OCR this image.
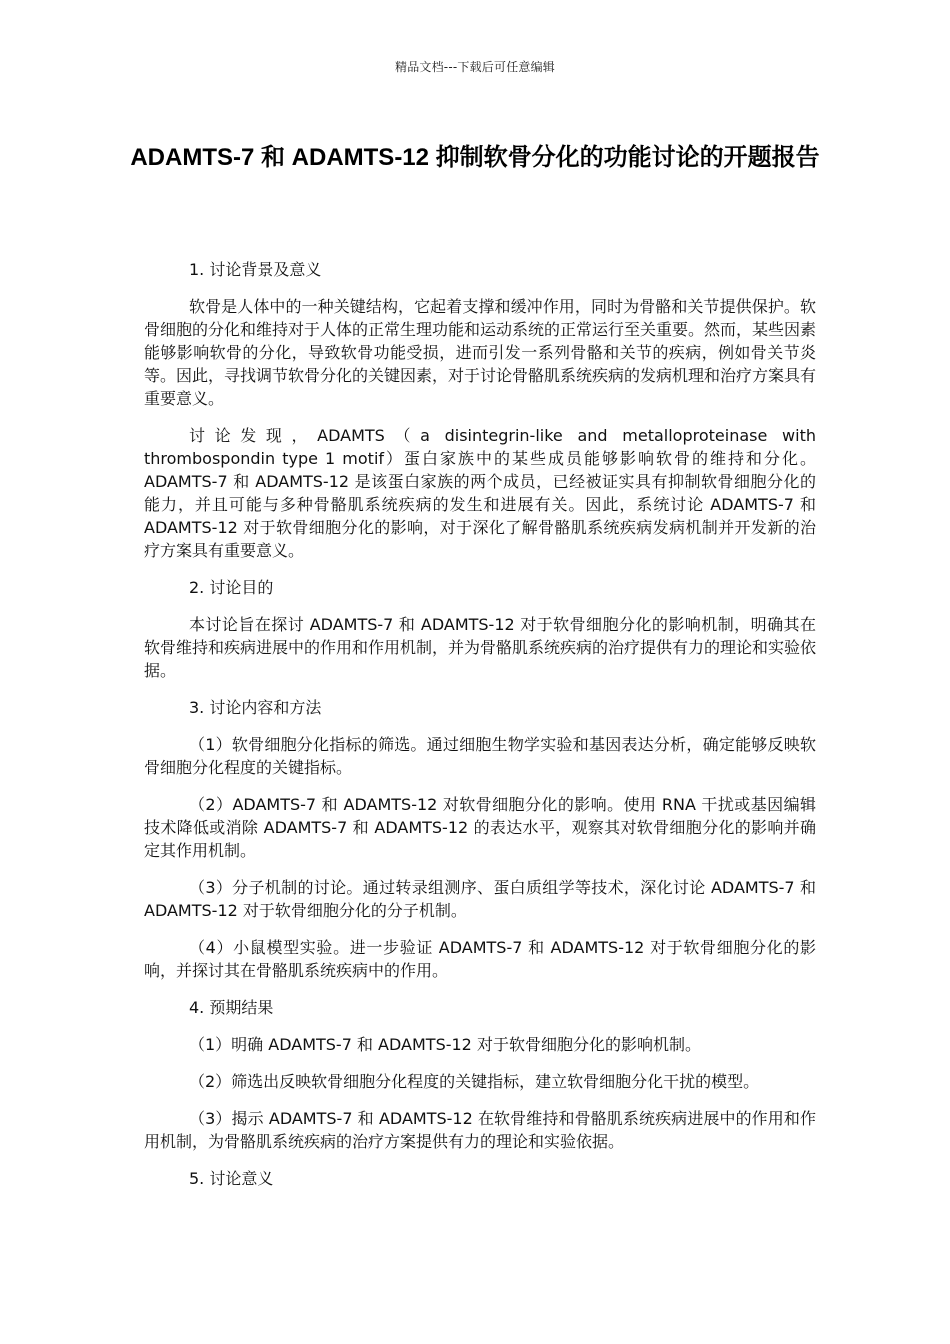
精品文档---下载后可任意编辑
ADAMTS-7 和 ADAMTS-12 抑制软骨分化的功能讨论的开题报告

1. 讨论背景及意义

软骨是人体中的一种关键结构，它起着支撑和缓冲作用，同时为骨骼和关节提供保护。软骨细胞的分化和维持对于人体的正常生理功能和运动系统的正常运行至关重要。然而，某些因素能够影响软骨的分化，导致软骨功能受损，进而引发一系列骨骼和关节的疾病，例如骨关节炎等。因此，寻找调节软骨分化的关键因素，对于讨论骨骼肌系统疾病的发病机理和治疗方案具有重要意义。

讨论发现，ADAMTS（a disintegrin-like and metalloproteinase with thrombospondin type 1 motif）蛋白家族中的某些成员能够影响软骨的维持和分化。ADAMTS-7 和 ADAMTS-12 是该蛋白家族的两个成员，已经被证实具有抑制软骨细胞分化的能力，并且可能与多种骨骼肌系统疾病的发生和进展有关。因此，系统讨论 ADAMTS-7 和 ADAMTS-12 对于软骨细胞分化的影响，对于深化了解骨骼肌系统疾病发病机制并开发新的治疗方案具有重要意义。

2. 讨论目的

本讨论旨在探讨 ADAMTS-7 和 ADAMTS-12 对于软骨细胞分化的影响机制，明确其在软骨维持和疾病进展中的作用和作用机制，并为骨骼肌系统疾病的治疗提供有力的理论和实验依据。

3. 讨论内容和方法

（1）软骨细胞分化指标的筛选。通过细胞生物学实验和基因表达分析，确定能够反映软骨细胞分化程度的关键指标。

（2）ADAMTS-7 和 ADAMTS-12 对软骨细胞分化的影响。使用 RNA 干扰或基因编辑技术降低或消除 ADAMTS-7 和 ADAMTS-12 的表达水平，观察其对软骨细胞分化的影响并确定其作用机制。

（3）分子机制的讨论。通过转录组测序、蛋白质组学等技术，深化讨论 ADAMTS-7 和 ADAMTS-12 对于软骨细胞分化的分子机制。

（4）小鼠模型实验。进一步验证 ADAMTS-7 和 ADAMTS-12 对于软骨细胞分化的影响，并探讨其在骨骼肌系统疾病中的作用。

4. 预期结果

（1）明确 ADAMTS-7 和 ADAMTS-12 对于软骨细胞分化的影响机制。

（2）筛选出反映软骨细胞分化程度的关键指标，建立软骨细胞分化干扰的模型。

（3）揭示 ADAMTS-7 和 ADAMTS-12 在软骨维持和骨骼肌系统疾病进展中的作用和作用机制，为骨骼肌系统疾病的治疗方案提供有力的理论和实验依据。

5. 讨论意义
